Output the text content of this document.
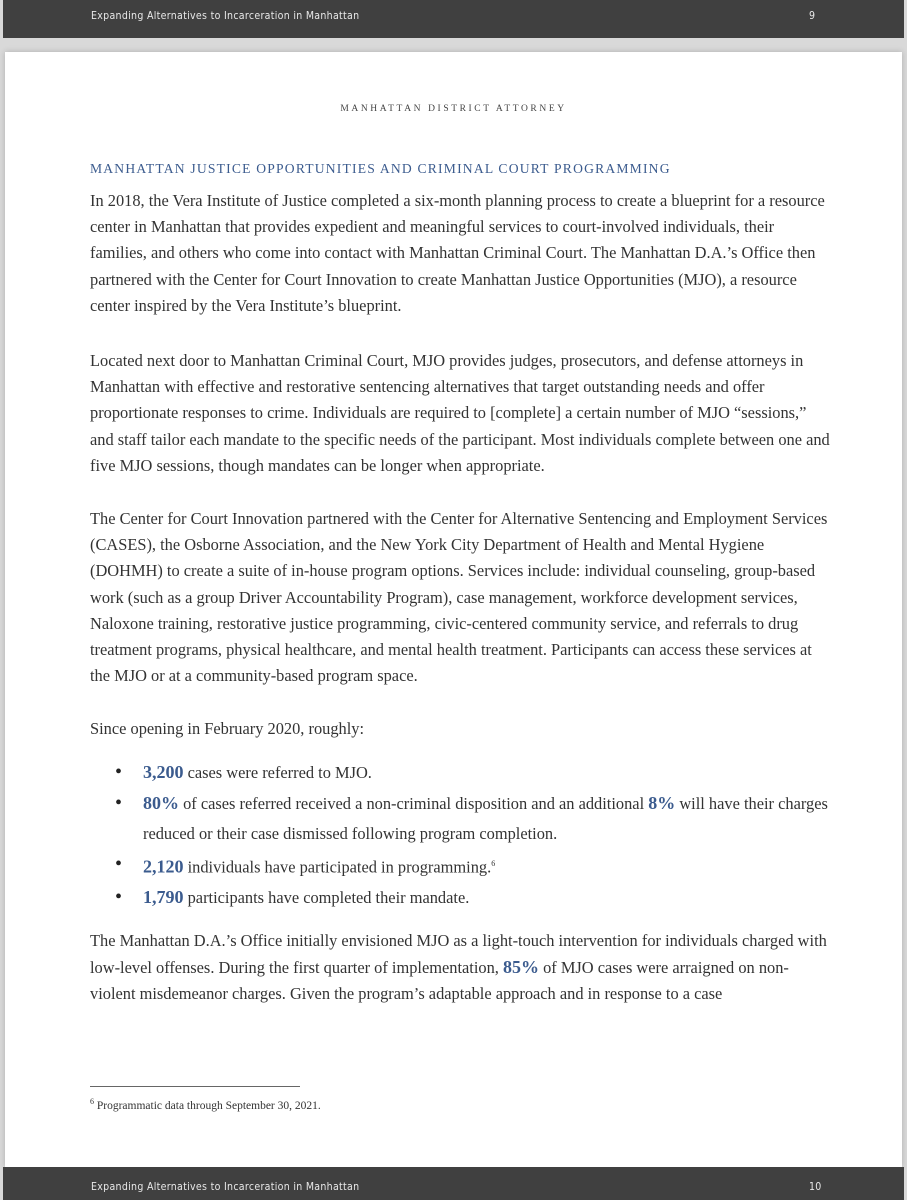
Expanding Alternatives to Incarceration in Manhattan	9
MANHATTAN DISTRICT ATTORNEY
MANHATTAN JUSTICE OPPORTUNITIES AND CRIMINAL COURT PROGRAMMING

In 2018, the Vera Institute of Justice completed a six-month planning process to create a blueprint for a resource center in Manhattan that provides expedient and meaningful services to court-involved individuals, their families, and others who come into contact with Manhattan Criminal Court. The Manhattan D.A.’s Office then partnered with the Center for Court Innovation to create Manhattan Justice Opportunities (MJO), a resource center inspired by the Vera Institute’s blueprint.

Located next door to Manhattan Criminal Court, MJO provides judges, prosecutors, and defense attorneys in Manhattan with effective and restorative sentencing alternatives that target outstanding needs and offer proportionate responses to crime. Individuals are required to [complete] a certain number of MJO “sessions,” and staff tailor each mandate to the specific needs of the participant. Most individuals complete between one and five MJO sessions, though mandates can be longer when appropriate.

The Center for Court Innovation partnered with the Center for Alternative Sentencing and Employment Services (CASES), the Osborne Association, and the New York City Department of Health and Mental Hygiene (DOHMH) to create a suite of in-house program options. Services include: individual counseling, group-based work (such as a group Driver Accountability Program), case management, workforce development services, Naloxone training, restorative justice programming, civic-centered community service, and referrals to drug treatment programs, physical healthcare, and mental health treatment. Participants can access these services at the MJO or at a community-based program space.

Since opening in February 2020, roughly:

• 3,200 cases were referred to MJO.
• 80% of cases referred received a non-criminal disposition and an additional 8% will have their charges reduced or their case dismissed following program completion.
• 2,120 individuals have participated in programming.$^6$
• 1,790 participants have completed their mandate.

The Manhattan D.A.’s Office initially envisioned MJO as a light-touch intervention for individuals charged with low-level offenses. During the first quarter of implementation, 85% of MJO cases were arraigned on non-violent misdemeanor charges. Given the program’s adaptable approach and in response to a case

$^6$ Programmatic data through September 30, 2021.
Expanding Alternatives to Incarceration in Manhattan	10
